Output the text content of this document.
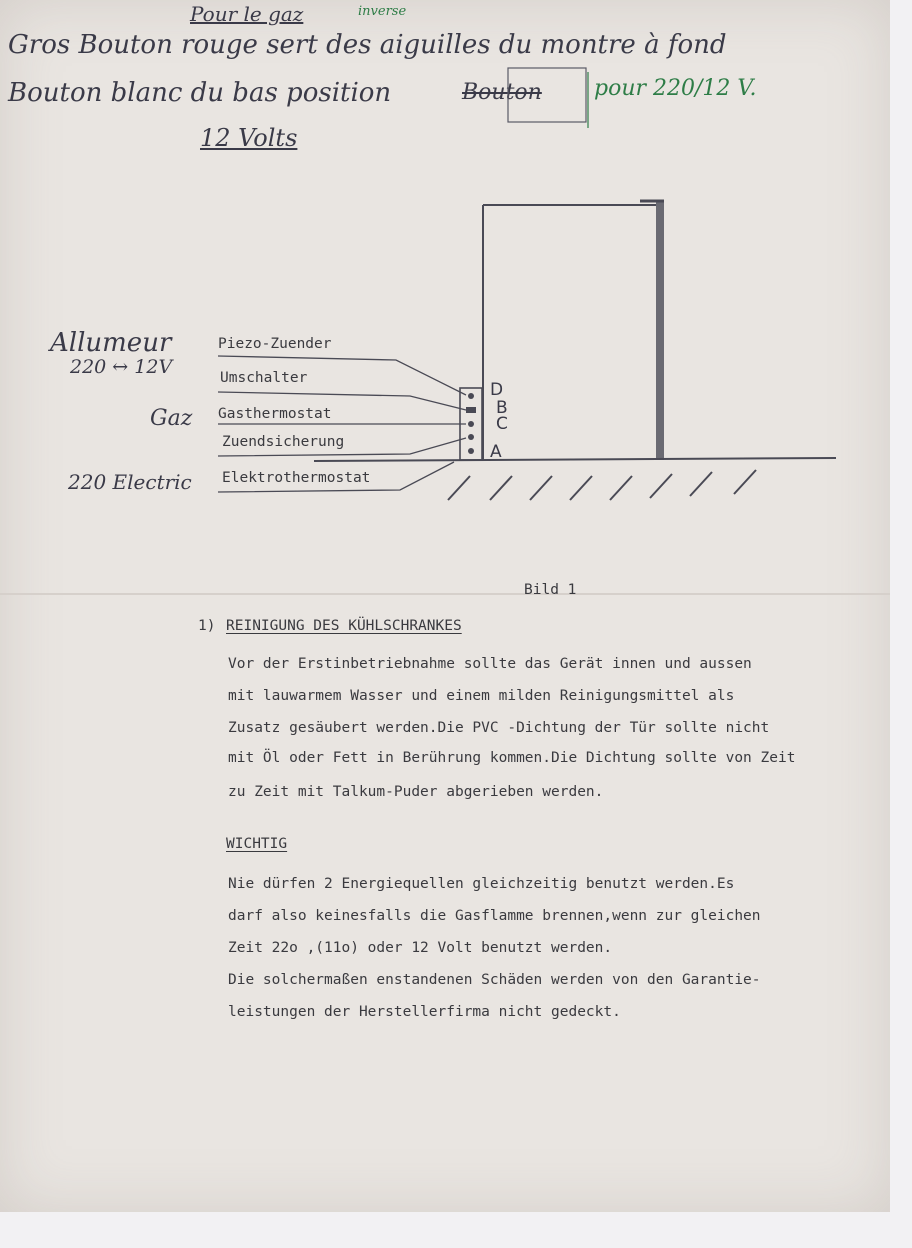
Pour le gaz	inverse
Gros Bouton rouge sert des aiguilles du montre à fond
Bouton blanc du bas position	Bouton pour 220/12 V.
12 Volts
Allumeur
220 ↔ 12V
Gaz
220 Electric
D
B
C
A
Piezo-Zuender
Umschalter
Gasthermostat
Zuendsicherung
Elektrothermostat
Bild 1
1) REINIGUNG DES KÜHLSCHRANKES
Vor der Erstinbetriebnahme sollte das Gerät innen und aussen
mit lauwarmem Wasser und einem milden Reinigungsmittel als
Zusatz gesäubert werden.Die PVC -Dichtung der Tür sollte nicht
mit Öl oder Fett in Berührung kommen.Die Dichtung sollte von Zeit
zu Zeit mit Talkum-Puder abgerieben werden.
WICHTIG
Nie dürfen 2 Energiequellen gleichzeitig benutzt werden.Es
darf also keinesfalls die Gasflamme brennen,wenn zur gleichen
Zeit 22o ,(11o) oder 12 Volt benutzt werden.
Die solchermaßen enstandenen Schäden werden von den Garantie-
leistungen der Herstellerfirma nicht gedeckt.
